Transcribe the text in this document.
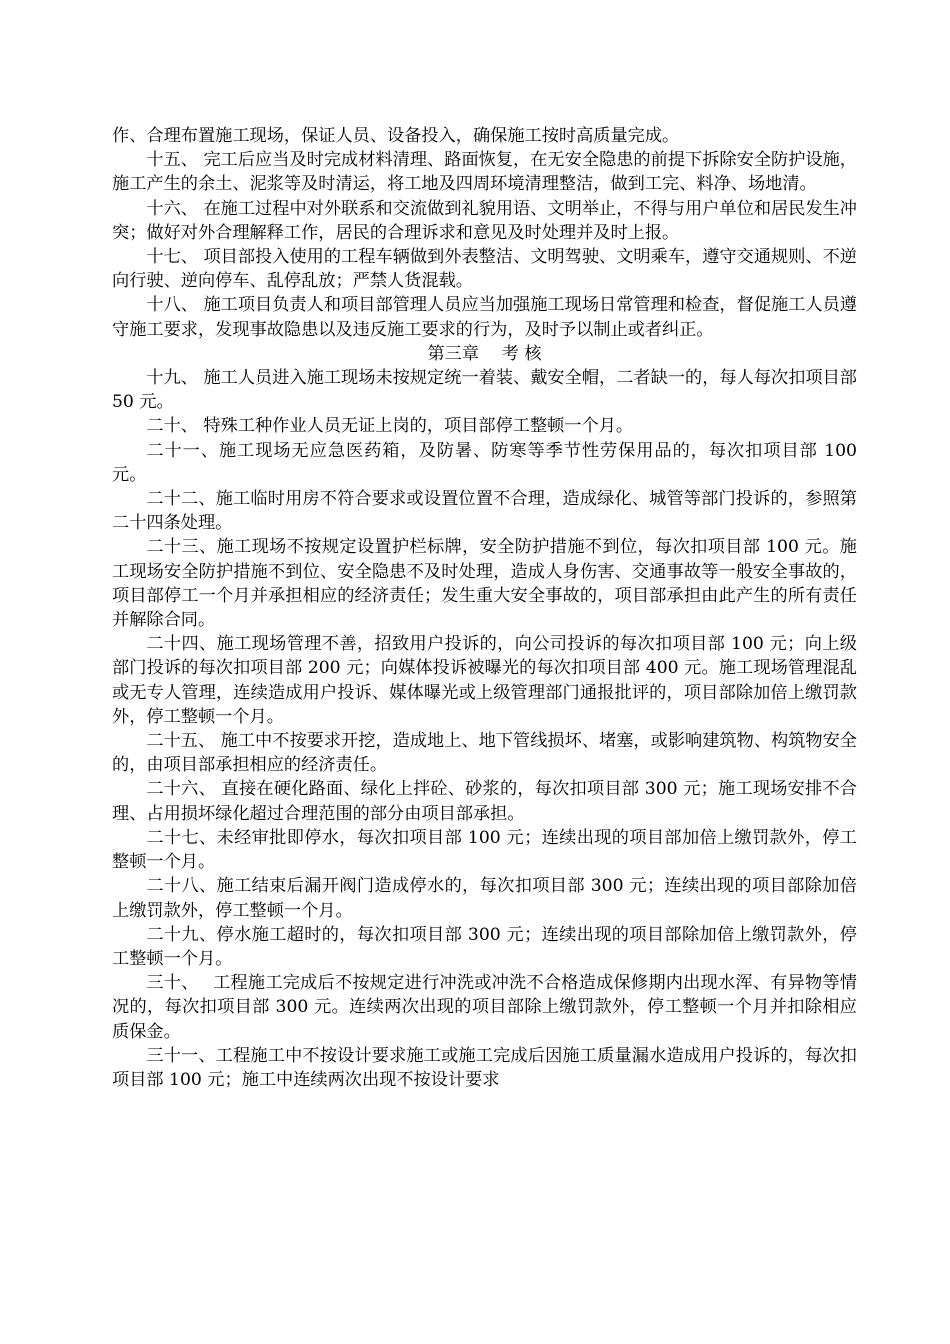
作、合理布置施工现场，保证人员、设备投入，确保施工按时高质量完成。

十五、 完工后应当及时完成材料清理、路面恢复，在无安全隐患的前提下拆除安全防护设施，施工产生的余土、泥浆等及时清运，将工地及四周环境清理整洁，做到工完、料净、场地清。

十六、 在施工过程中对外联系和交流做到礼貌用语、文明举止，不得与用户单位和居民发生冲突；做好对外合理解释工作，居民的合理诉求和意见及时处理并及时上报。

十七、 项目部投入使用的工程车辆做到外表整洁、文明驾驶、文明乘车，遵守交通规则、不逆向行驶、逆向停车、乱停乱放；严禁人货混载。

十八、 施工项目负责人和项目部管理人员应当加强施工现场日常管理和检查，督促施工人员遵守施工要求，发现事故隐患以及违反施工要求的行为，及时予以制止或者纠正。

第三章　 考 核

十九、 施工人员进入施工现场未按规定统一着装、戴安全帽，二者缺一的，每人每次扣项目部 50 元。

二十、 特殊工种作业人员无证上岗的，项目部停工整顿一个月。

二十一、施工现场无应急医药箱，及防暑、防寒等季节性劳保用品的，每次扣项目部 100 元。

二十二、施工临时用房不符合要求或设置位置不合理，造成绿化、城管等部门投诉的，参照第二十四条处理。

二十三、施工现场不按规定设置护栏标牌，安全防护措施不到位，每次扣项目部 100 元。施工现场安全防护措施不到位、安全隐患不及时处理，造成人身伤害、交通事故等一般安全事故的，项目部停工一个月并承担相应的经济责任；发生重大安全事故的，项目部承担由此产生的所有责任并解除合同。

二十四、施工现场管理不善，招致用户投诉的，向公司投诉的每次扣项目部 100 元；向上级部门投诉的每次扣项目部 200 元；向媒体投诉被曝光的每次扣项目部 400 元。施工现场管理混乱或无专人管理，连续造成用户投诉、媒体曝光或上级管理部门通报批评的，项目部除加倍上缴罚款外，停工整顿一个月。

二十五、 施工中不按要求开挖，造成地上、地下管线损坏、堵塞，或影响建筑物、构筑物安全的，由项目部承担相应的经济责任。

二十六、 直接在硬化路面、绿化上拌砼、砂浆的，每次扣项目部 300 元；施工现场安排不合理、占用损坏绿化超过合理范围的部分由项目部承担。

二十七、未经审批即停水，每次扣项目部 100 元；连续出现的项目部加倍上缴罚款外，停工整顿一个月。

二十八、施工结束后漏开阀门造成停水的，每次扣项目部 300 元；连续出现的项目部除加倍上缴罚款外，停工整顿一个月。

二十九、停水施工超时的，每次扣项目部 300 元；连续出现的项目部除加倍上缴罚款外，停工整顿一个月。

三十、　 工程施工完成后不按规定进行冲洗或冲洗不合格造成保修期内出现水浑、有异物等情况的，每次扣项目部 300 元。连续两次出现的项目部除上缴罚款外，停工整顿一个月并扣除相应质保金。

三十一、工程施工中不按设计要求施工或施工完成后因施工质量漏水造成用户投诉的，每次扣项目部 100 元；施工中连续两次出现不按设计要求
